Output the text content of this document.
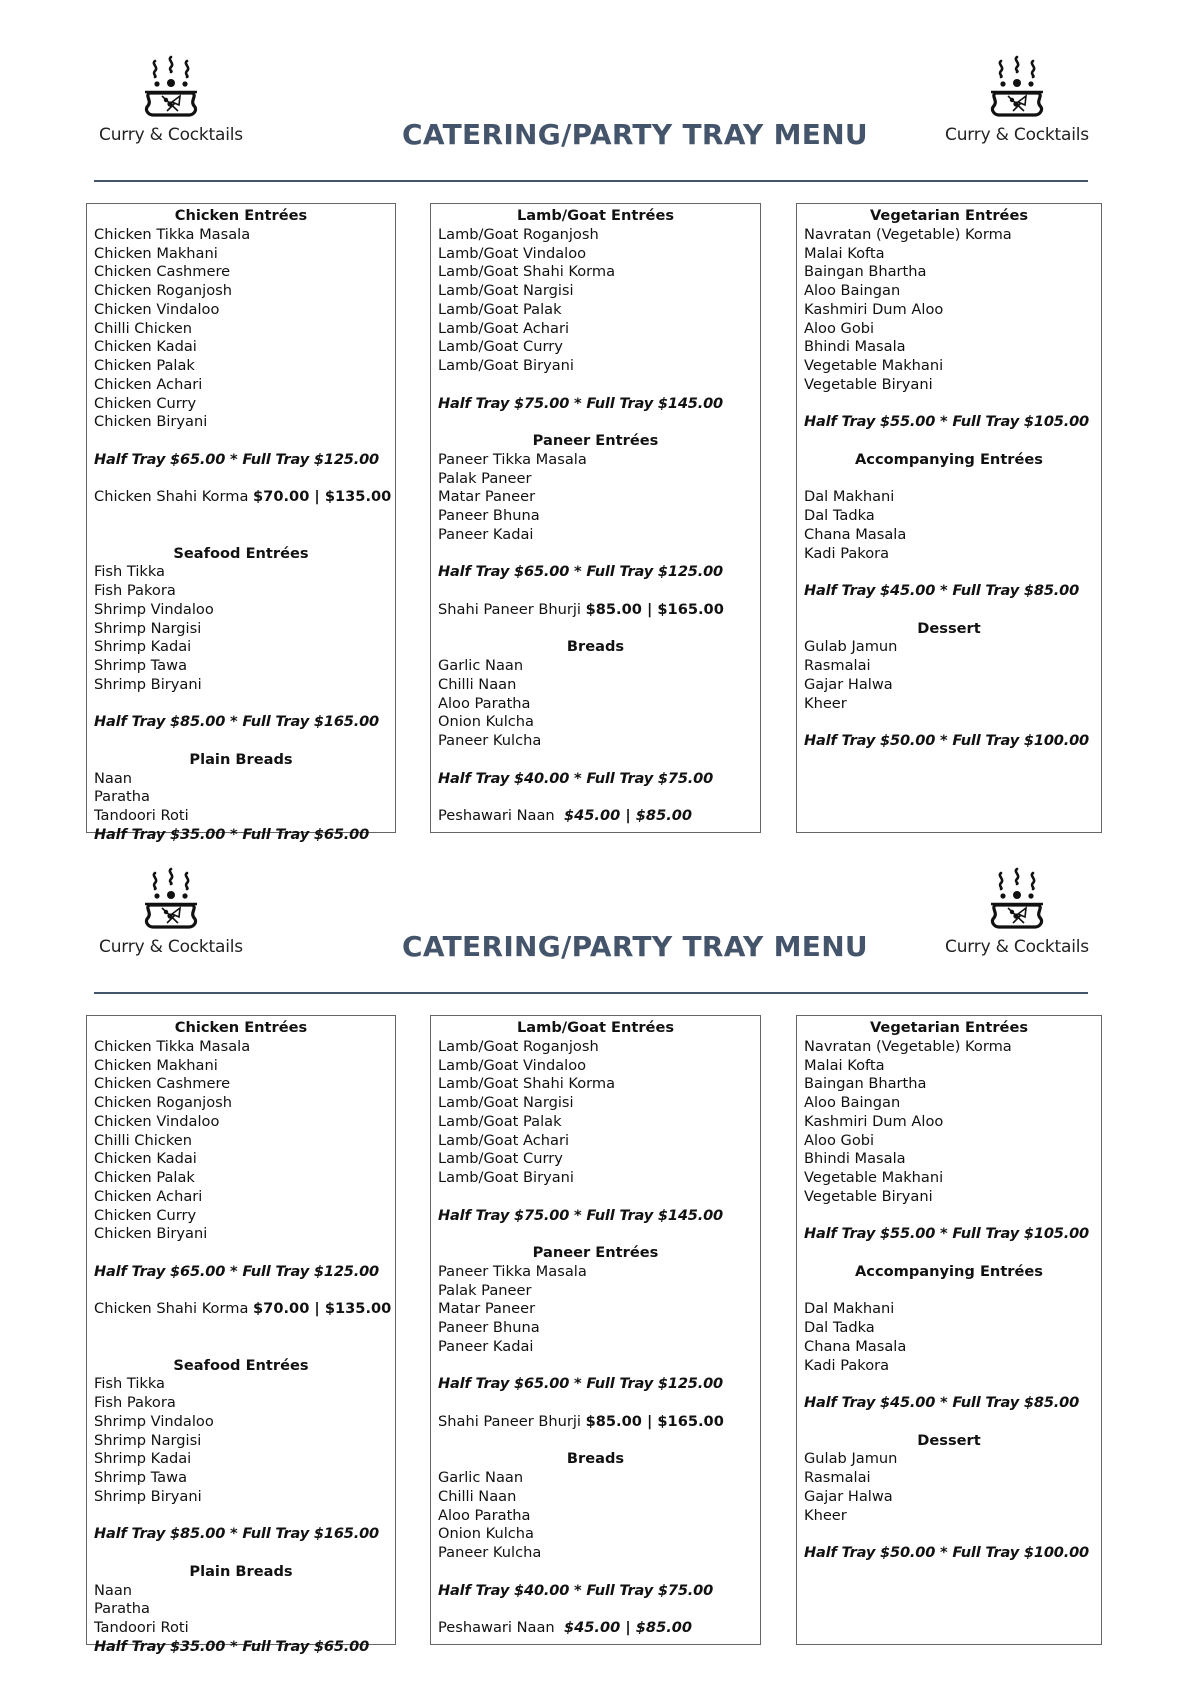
Curry & Cocktails	CATERING/PARTY TRAY MENU	Curry & Cocktails
Chicken Entrées
Chicken Tikka Masala
Chicken Makhani
Chicken Cashmere
Chicken Roganjosh
Chicken Vindaloo
Chilli Chicken
Chicken Kadai
Chicken Palak
Chicken Achari
Chicken Curry
Chicken Biryani
Half Tray $65.00 * Full Tray $125.00
Chicken Shahi Korma $70.00 | $135.00
Seafood Entrées
Fish Tikka
Fish Pakora
Shrimp Vindaloo
Shrimp Nargisi
Shrimp Kadai
Shrimp Tawa
Shrimp Biryani
Half Tray $85.00 * Full Tray $165.00
Plain Breads
Naan
Paratha
Tandoori Roti
Half Tray $35.00 * Full Tray $65.00
Lamb/Goat Entrées
Lamb/Goat Roganjosh
Lamb/Goat Vindaloo
Lamb/Goat Shahi Korma
Lamb/Goat Nargisi
Lamb/Goat Palak
Lamb/Goat Achari
Lamb/Goat Curry
Lamb/Goat Biryani
Half Tray $75.00 * Full Tray $145.00
Paneer Entrées
Paneer Tikka Masala
Palak Paneer
Matar Paneer
Paneer Bhuna
Paneer Kadai
Half Tray $65.00 * Full Tray $125.00
Shahi Paneer Bhurji $85.00 | $165.00
Breads
Garlic Naan
Chilli Naan
Aloo Paratha
Onion Kulcha
Paneer Kulcha
Half Tray $40.00 * Full Tray $75.00
Peshawari Naan $45.00 | $85.00
Vegetarian Entrées
Navratan (Vegetable) Korma
Malai Kofta
Baingan Bhartha
Aloo Baingan
Kashmiri Dum Aloo
Aloo Gobi
Bhindi Masala
Vegetable Makhani
Vegetable Biryani
Half Tray $55.00 * Full Tray $105.00
Accompanying Entrées
Dal Makhani
Dal Tadka
Chana Masala
Kadi Pakora
Half Tray $45.00 * Full Tray $85.00
Dessert
Gulab Jamun
Rasmalai
Gajar Halwa
Kheer
Half Tray $50.00 * Full Tray $100.00
Curry & Cocktails	CATERING/PARTY TRAY MENU	Curry & Cocktails
Chicken Entrées
Chicken Tikka Masala
Chicken Makhani
Chicken Cashmere
Chicken Roganjosh
Chicken Vindaloo
Chilli Chicken
Chicken Kadai
Chicken Palak
Chicken Achari
Chicken Curry
Chicken Biryani
Half Tray $65.00 * Full Tray $125.00
Chicken Shahi Korma $70.00 | $135.00
Seafood Entrées
Fish Tikka
Fish Pakora
Shrimp Vindaloo
Shrimp Nargisi
Shrimp Kadai
Shrimp Tawa
Shrimp Biryani
Half Tray $85.00 * Full Tray $165.00
Plain Breads
Naan
Paratha
Tandoori Roti
Half Tray $35.00 * Full Tray $65.00
Lamb/Goat Entrées
Lamb/Goat Roganjosh
Lamb/Goat Vindaloo
Lamb/Goat Shahi Korma
Lamb/Goat Nargisi
Lamb/Goat Palak
Lamb/Goat Achari
Lamb/Goat Curry
Lamb/Goat Biryani
Half Tray $75.00 * Full Tray $145.00
Paneer Entrées
Paneer Tikka Masala
Palak Paneer
Matar Paneer
Paneer Bhuna
Paneer Kadai
Half Tray $65.00 * Full Tray $125.00
Shahi Paneer Bhurji $85.00 | $165.00
Breads
Garlic Naan
Chilli Naan
Aloo Paratha
Onion Kulcha
Paneer Kulcha
Half Tray $40.00 * Full Tray $75.00
Peshawari Naan $45.00 | $85.00
Vegetarian Entrées
Navratan (Vegetable) Korma
Malai Kofta
Baingan Bhartha
Aloo Baingan
Kashmiri Dum Aloo
Aloo Gobi
Bhindi Masala
Vegetable Makhani
Vegetable Biryani
Half Tray $55.00 * Full Tray $105.00
Accompanying Entrées
Dal Makhani
Dal Tadka
Chana Masala
Kadi Pakora
Half Tray $45.00 * Full Tray $85.00
Dessert
Gulab Jamun
Rasmalai
Gajar Halwa
Kheer
Half Tray $50.00 * Full Tray $100.00
